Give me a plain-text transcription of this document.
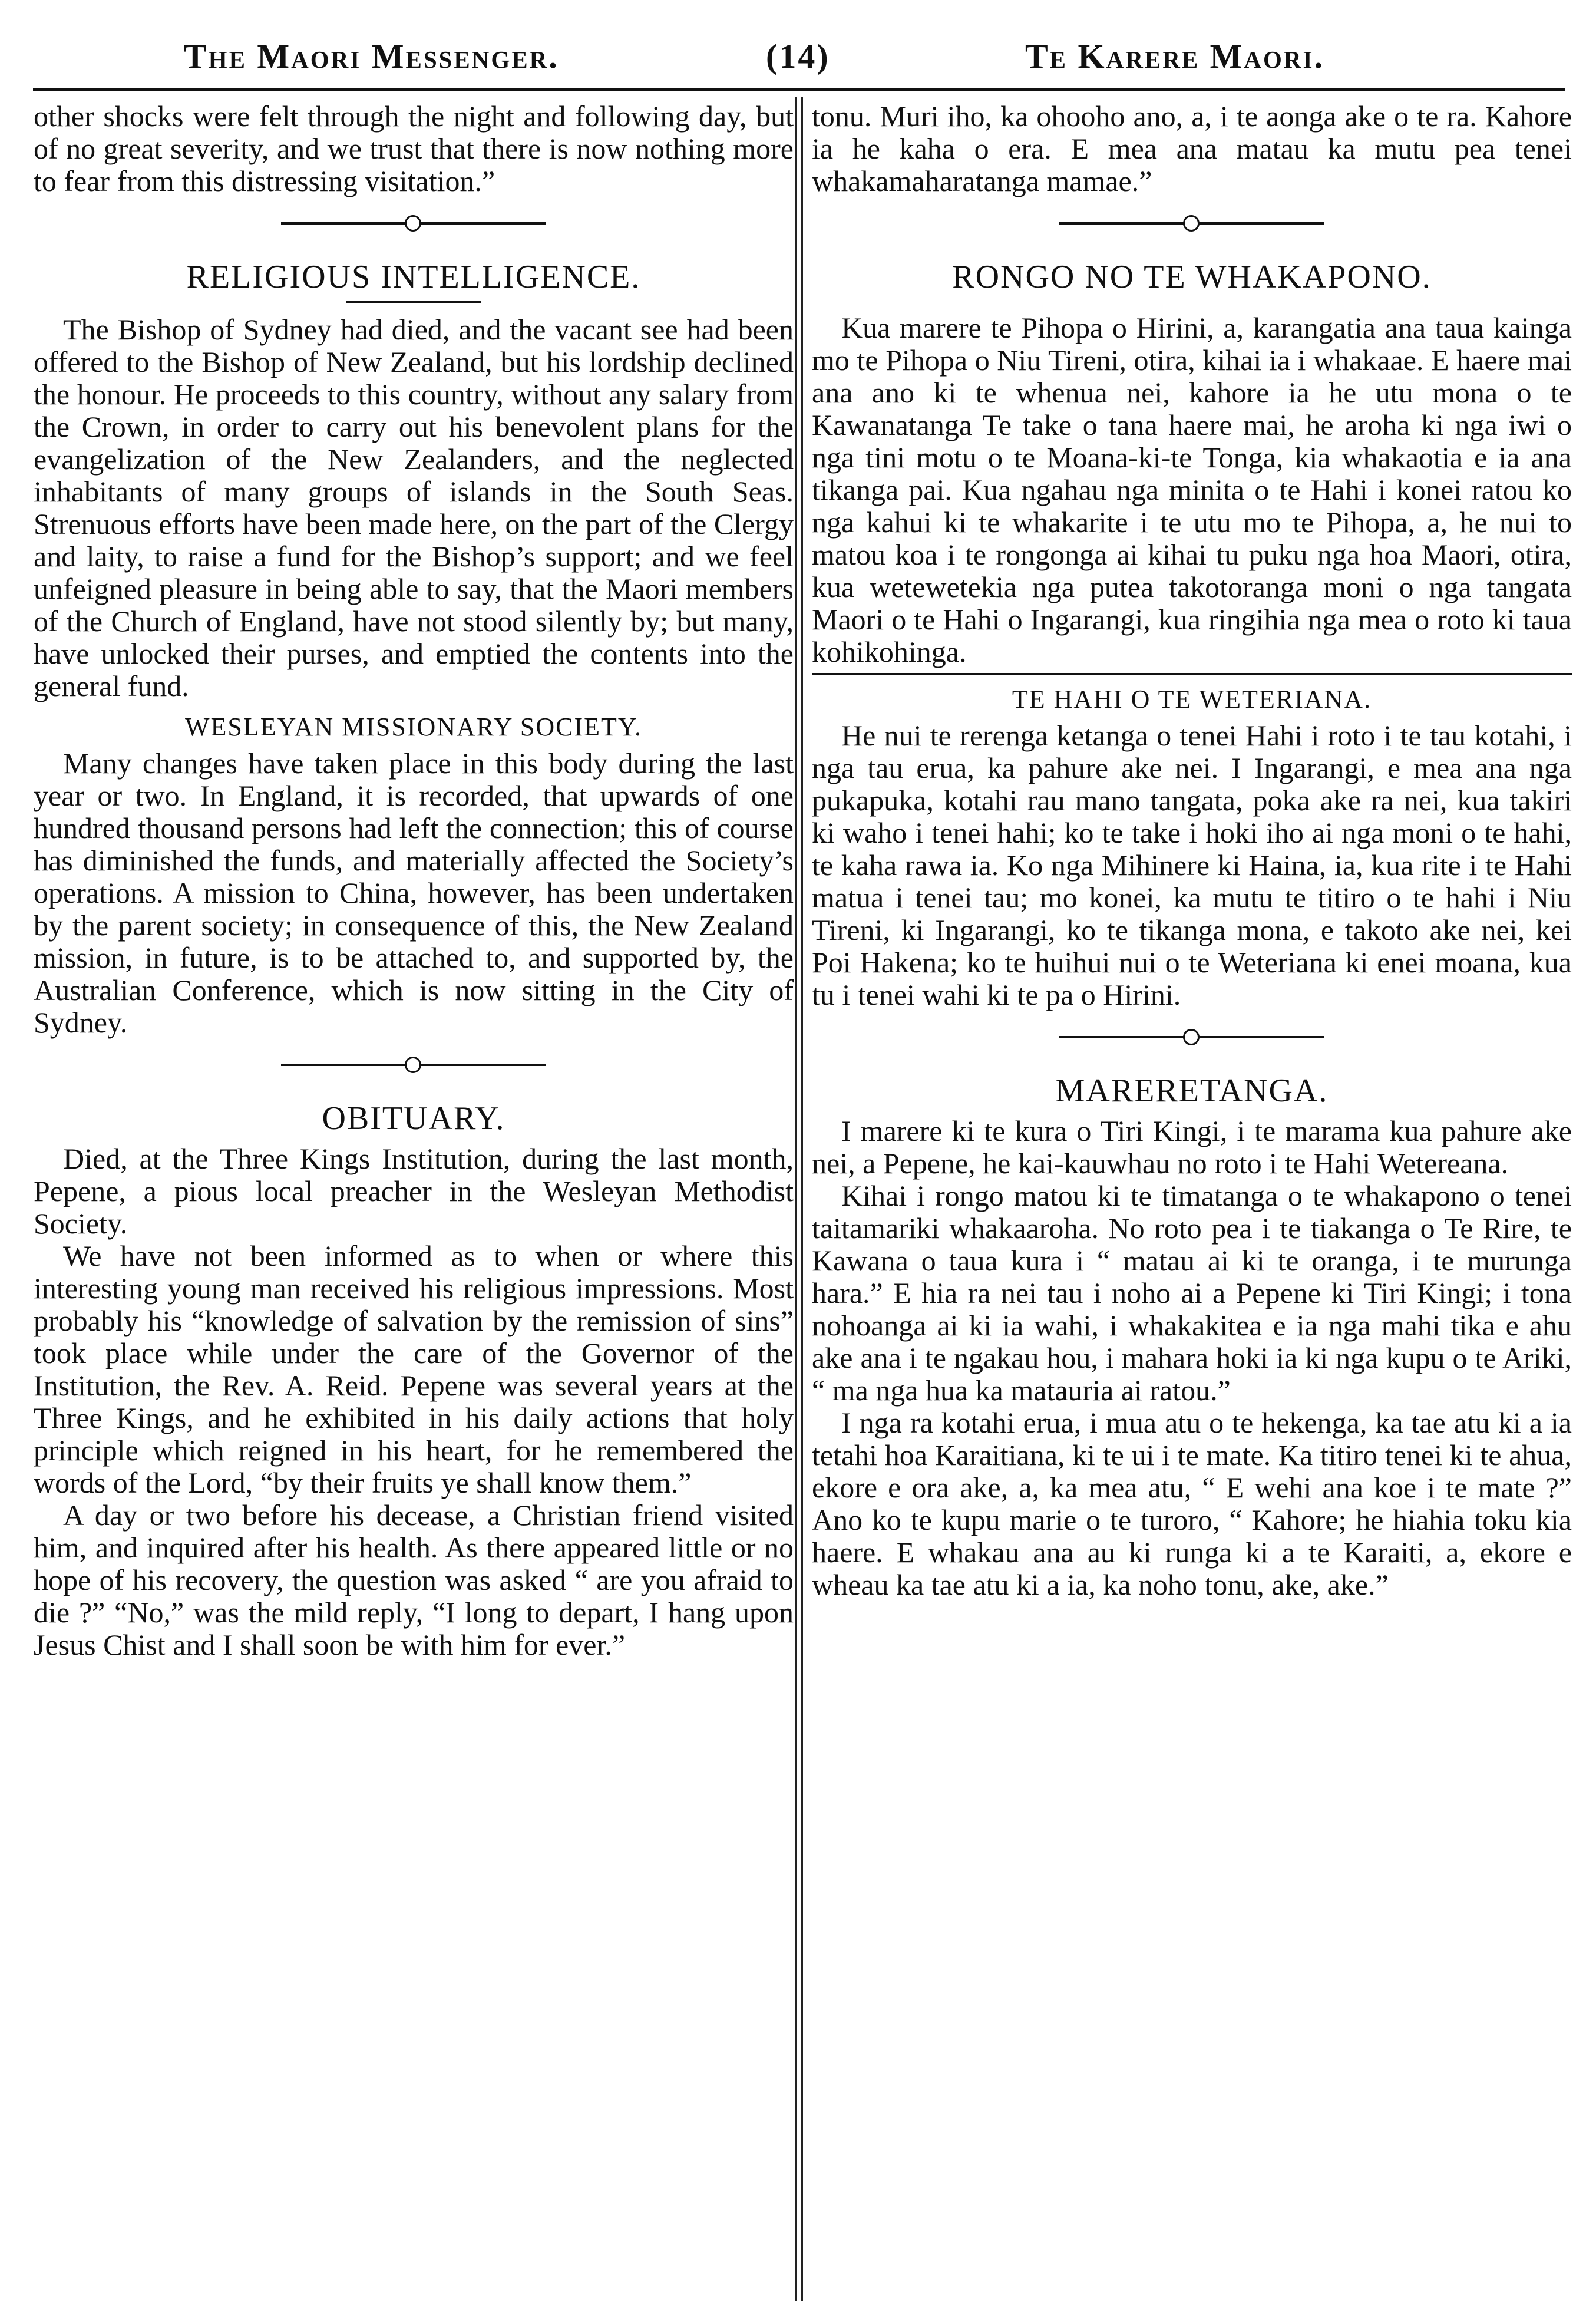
The Maori Messenger.	(14)	Te Karere Maori.

other shocks were felt through the night and following day, but of no great severity, and we trust that there is now nothing more to fear from this distressing visitation.”

RELIGIOUS INTELLIGENCE.

The Bishop of Sydney had died, and the vacant see had been offered to the Bishop of New Zealand, but his lordship declined the honour. He proceeds to this country, without any salary from the Crown, in order to carry out his benevolent plans for the evangelization of the New Zealanders, and the neglected inhabitants of many groups of islands in the South Seas. Strenuous efforts have been made here, on the part of the Clergy and laity, to raise a fund for the Bishop’s support; and we feel unfeigned pleasure in being able to say, that the Maori members of the Church of England, have not stood silently by; but many, have unlocked their purses, and emptied the contents into the general fund.

WESLEYAN MISSIONARY SOCIETY.

Many changes have taken place in this body during the last year or two. In England, it is recorded, that upwards of one hundred thousand persons had left the connection; this of course has diminished the funds, and materially affected the Society’s operations. A mission to China, however, has been undertaken by the parent society; in consequence of this, the New Zealand mission, in future, is to be attached to, and supported by, the Australian Conference, which is now sitting in the City of Sydney.

OBITUARY.

Died, at the Three Kings Institution, during the last month, Pepene, a pious local preacher in the Wesleyan Methodist Society.

We have not been informed as to when or where this interesting young man received his religious impressions. Most probably his “knowledge of salvation by the remission of sins” took place while under the care of the Governor of the Institution, the Rev. A. Reid. Pepene was several years at the Three Kings, and he exhibited in his daily actions that holy principle which reigned in his heart, for he remembered the words of the Lord, “by their fruits ye shall know them.”

A day or two before his decease, a Christian friend visited him, and inquired after his health. As there appeared little or no hope of his recovery, the question was asked “ are you afraid to die ?” “No,” was the mild reply, “I long to depart, I hang upon Jesus Chist and I shall soon be with him for ever.”

tonu. Muri iho, ka ohooho ano, a, i te aonga ake o te ra. Kahore ia he kaha o era. E mea ana matau ka mutu pea tenei whakamaharatanga mamae.”

RONGO NO TE WHAKAPONO.

Kua marere te Pihopa o Hirini, a, karangatia ana taua kainga mo te Pihopa o Niu Tireni, otira, kihai ia i whakaae. E haere mai ana ano ki te whenua nei, kahore ia he utu mona o te Kawanatanga Te take o tana haere mai, he aroha ki nga iwi o nga tini motu o te Moana-ki-te Tonga, kia whakaotia e ia ana tikanga pai. Kua ngahau nga minita o te Hahi i konei ratou ko nga kahui ki te whakarite i te utu mo te Pihopa, a, he nui to matou koa i te rongonga ai kihai tu puku nga hoa Maori, otira, kua wetewetekia nga putea takotoranga moni o nga tangata Maori o te Hahi o Ingarangi, kua ringihia nga mea o roto ki taua kohikohinga.

TE HAHI O TE WETERIANA.

He nui te rerenga ketanga o tenei Hahi i roto i te tau kotahi, i nga tau erua, ka pahure ake nei. I Ingarangi, e mea ana nga pukapuka, kotahi rau mano tangata, poka ake ra nei, kua takiri ki waho i tenei hahi; ko te take i hoki iho ai nga moni o te hahi, te kaha rawa ia. Ko nga Mihinere ki Haina, ia, kua rite i te Hahi matua i tenei tau; mo konei, ka mutu te titiro o te hahi i Niu Tireni, ki Ingarangi, ko te tikanga mona, e takoto ake nei, kei Poi Hakena; ko te huihui nui o te Weteriana ki enei moana, kua tu i tenei wahi ki te pa o Hirini.

MARERETANGA.

I marere ki te kura o Tiri Kingi, i te marama kua pahure ake nei, a Pepene, he kai-kauwhau no roto i te Hahi Wetereana.

Kihai i rongo matou ki te timatanga o te whakapono o tenei taitamariki whakaaroha. No roto pea i te tiakanga o Te Rire, te Kawana o taua kura i “ matau ai ki te oranga, i te murunga hara.” E hia ra nei tau i noho ai a Pepene ki Tiri Kingi; i tona nohoanga ai ki ia wahi, i whakakitea e ia nga mahi tika e ahu ake ana i te ngakau hou, i mahara hoki ia ki nga kupu o te Ariki, “ ma nga hua ka matauria ai ratou.”

I nga ra kotahi erua, i mua atu o te hekenga, ka tae atu ki a ia tetahi hoa Karaitiana, ki te ui i te mate. Ka titiro tenei ki te ahua, ekore e ora ake, a, ka mea atu, “ E wehi ana koe i te mate ?” Ano ko te kupu marie o te turoro, “ Kahore; he hiahia toku kia haere. E whakau ana au ki runga ki a te Karaiti, a, ekore e wheau ka tae atu ki a ia, ka noho tonu, ake, ake.”
